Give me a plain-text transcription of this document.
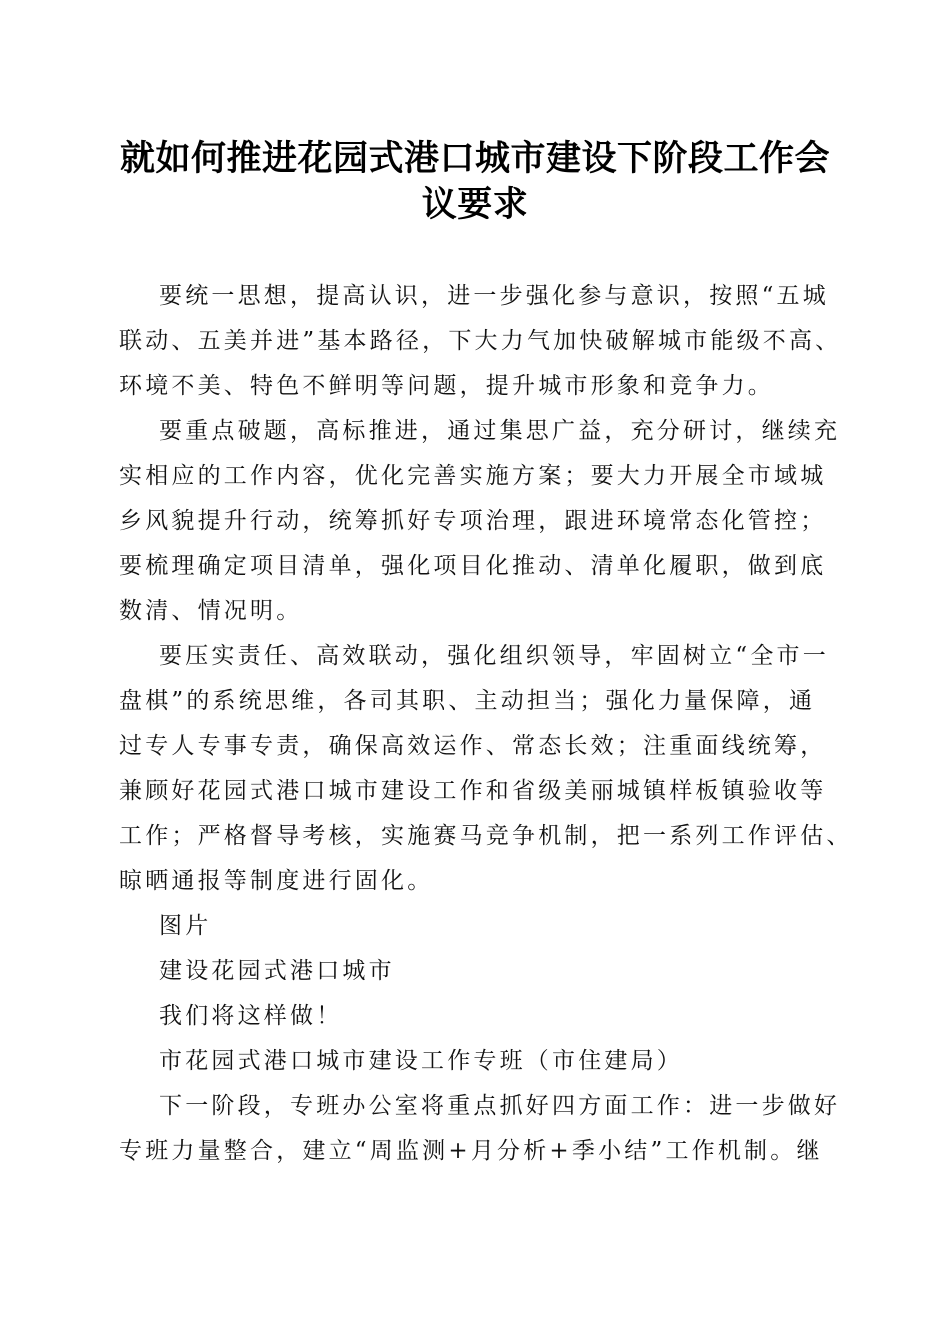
就如何推进花园式港口城市建设下阶段工作会
议要求
要统一思想，提高认识，进一步强化参与意识，按照“五城
联动、五美并进”基本路径，下大力气加快破解城市能级不高、
环境不美、特色不鲜明等问题，提升城市形象和竞争力。
要重点破题，高标推进，通过集思广益，充分研讨，继续充
实相应的工作内容，优化完善实施方案；要大力开展全市域城
乡风貌提升行动，统筹抓好专项治理，跟进环境常态化管控；
要梳理确定项目清单，强化项目化推动、清单化履职，做到底
数清、情况明。
要压实责任、高效联动，强化组织领导，牢固树立“全市一
盘棋”的系统思维，各司其职、主动担当；强化力量保障，通
过专人专事专责，确保高效运作、常态长效；注重面线统筹，
兼顾好花园式港口城市建设工作和省级美丽城镇样板镇验收等
工作；严格督导考核，实施赛马竞争机制，把一系列工作评估、
晾晒通报等制度进行固化。
图片
建设花园式港口城市
我们将这样做！
市花园式港口城市建设工作专班（市住建局）
下一阶段，专班办公室将重点抓好四方面工作：进一步做好
专班力量整合，建立“周监测+月分析+季小结”工作机制。继
